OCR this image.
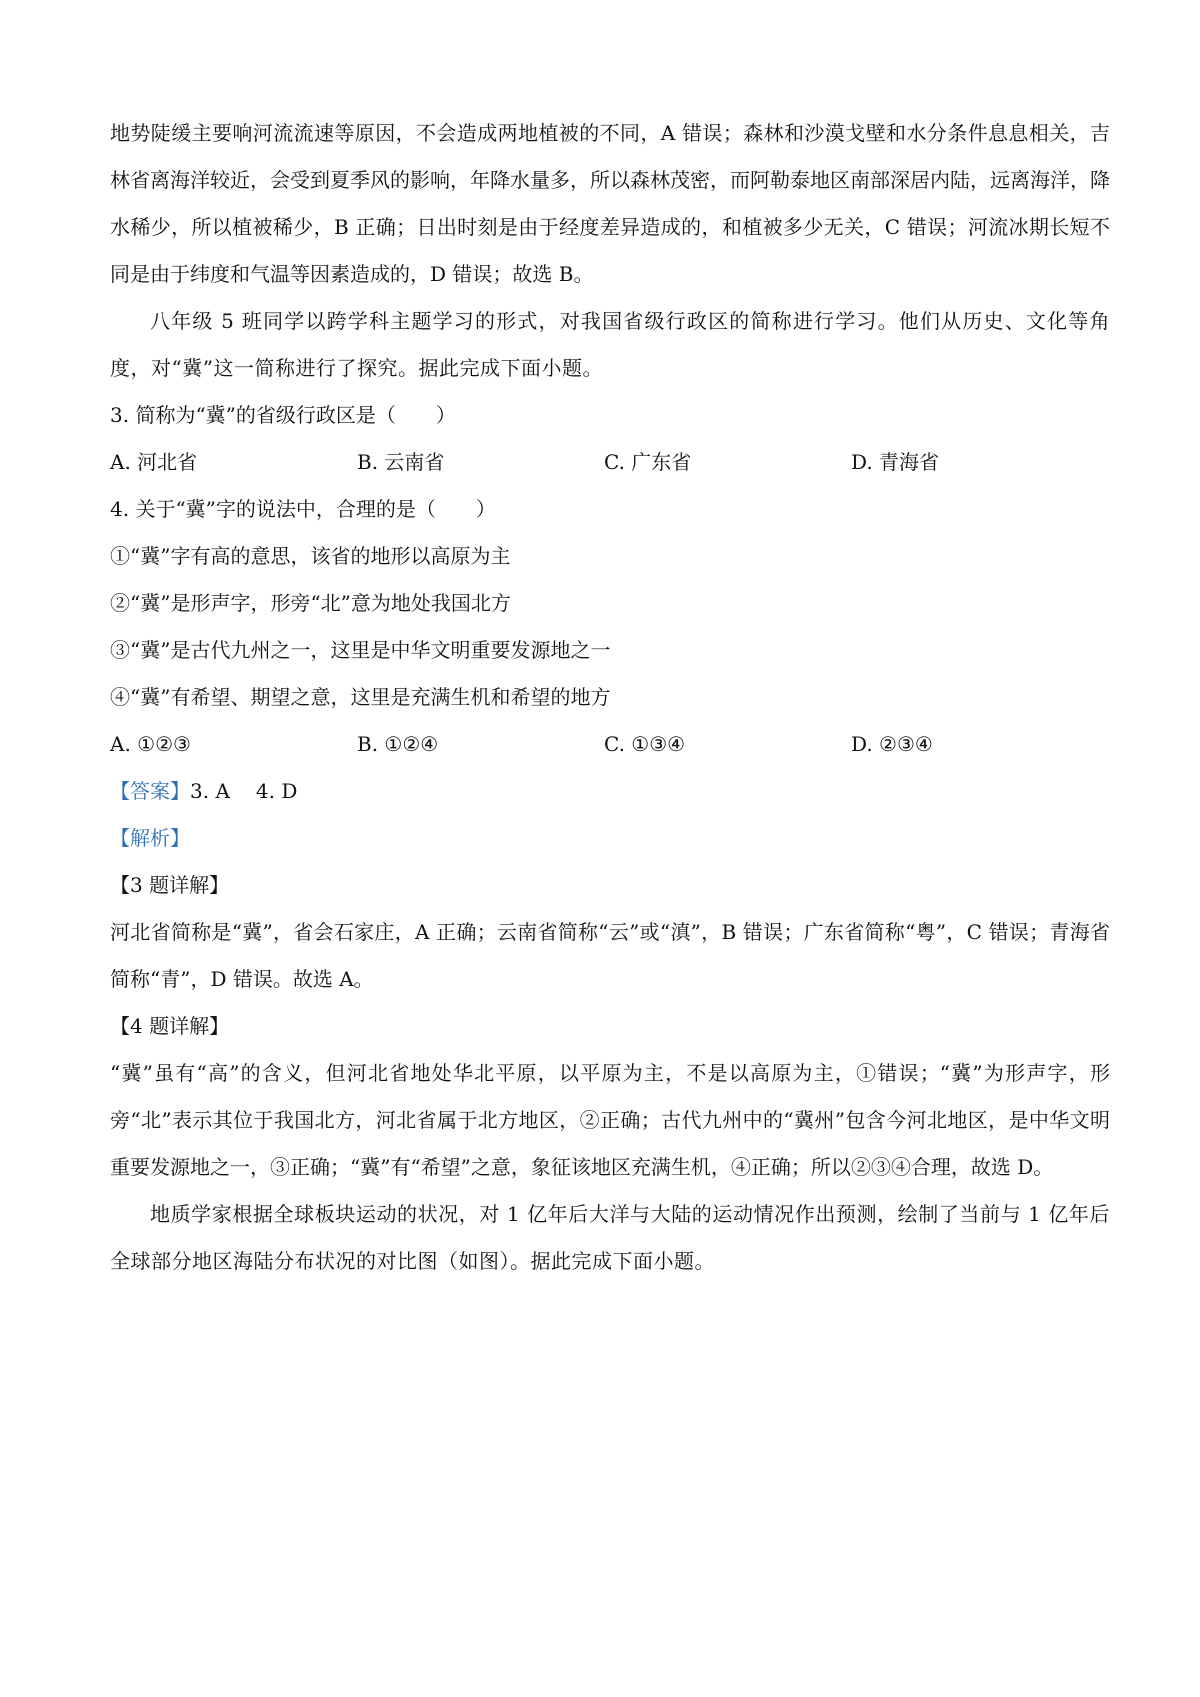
地势陡缓主要响河流流速等原因，不会造成两地植被的不同，A 错误；森林和沙漠戈壁和水分条件息息相关，吉林省离海洋较近，会受到夏季风的影响，年降水量多，所以森林茂密，而阿勒泰地区南部深居内陆，远离海洋，降水稀少，所以植被稀少，B 正确；日出时刻是由于经度差异造成的，和植被多少无关，C 错误；河流冰期长短不同是由于纬度和气温等因素造成的，D 错误；故选 B。

八年级 5 班同学以跨学科主题学习的形式，对我国省级行政区的简称进行学习。他们从历史、文化等角度，对“冀”这一简称进行了探究。据此完成下面小题。

3. 简称为“冀”的省级行政区是（　　）

A. 河北省	B. 云南省	C. 广东省	D. 青海省

4. 关于“冀”字的说法中，合理的是（　　）

①“冀”字有高的意思，该省的地形以高原为主

②“冀”是形声字，形旁“北”意为地处我国北方

③“冀”是古代九州之一，这里是中华文明重要发源地之一

④“冀”有希望、期望之意，这里是充满生机和希望的地方

A. ①②③	B. ①②④	C. ①③④	D. ②③④

【答案】3. A 4. D

【解析】

【3 题详解】

河北省简称是“冀”，省会石家庄，A 正确；云南省简称“云”或“滇”，B 错误；广东省简称“粤”，C 错误；青海省简称“青”，D 错误。故选 A。

【4 题详解】

“冀”虽有“高”的含义，但河北省地处华北平原，以平原为主，不是以高原为主，①错误；“冀”为形声字，形旁“北”表示其位于我国北方，河北省属于北方地区，②正确；古代九州中的“冀州”包含今河北地区，是中华文明重要发源地之一，③正确；“冀”有“希望”之意，象征该地区充满生机，④正确；所以②③④合理，故选 D。

地质学家根据全球板块运动的状况，对 1 亿年后大洋与大陆的运动情况作出预测，绘制了当前与 1 亿年后全球部分地区海陆分布状况的对比图（如图）。据此完成下面小题。
